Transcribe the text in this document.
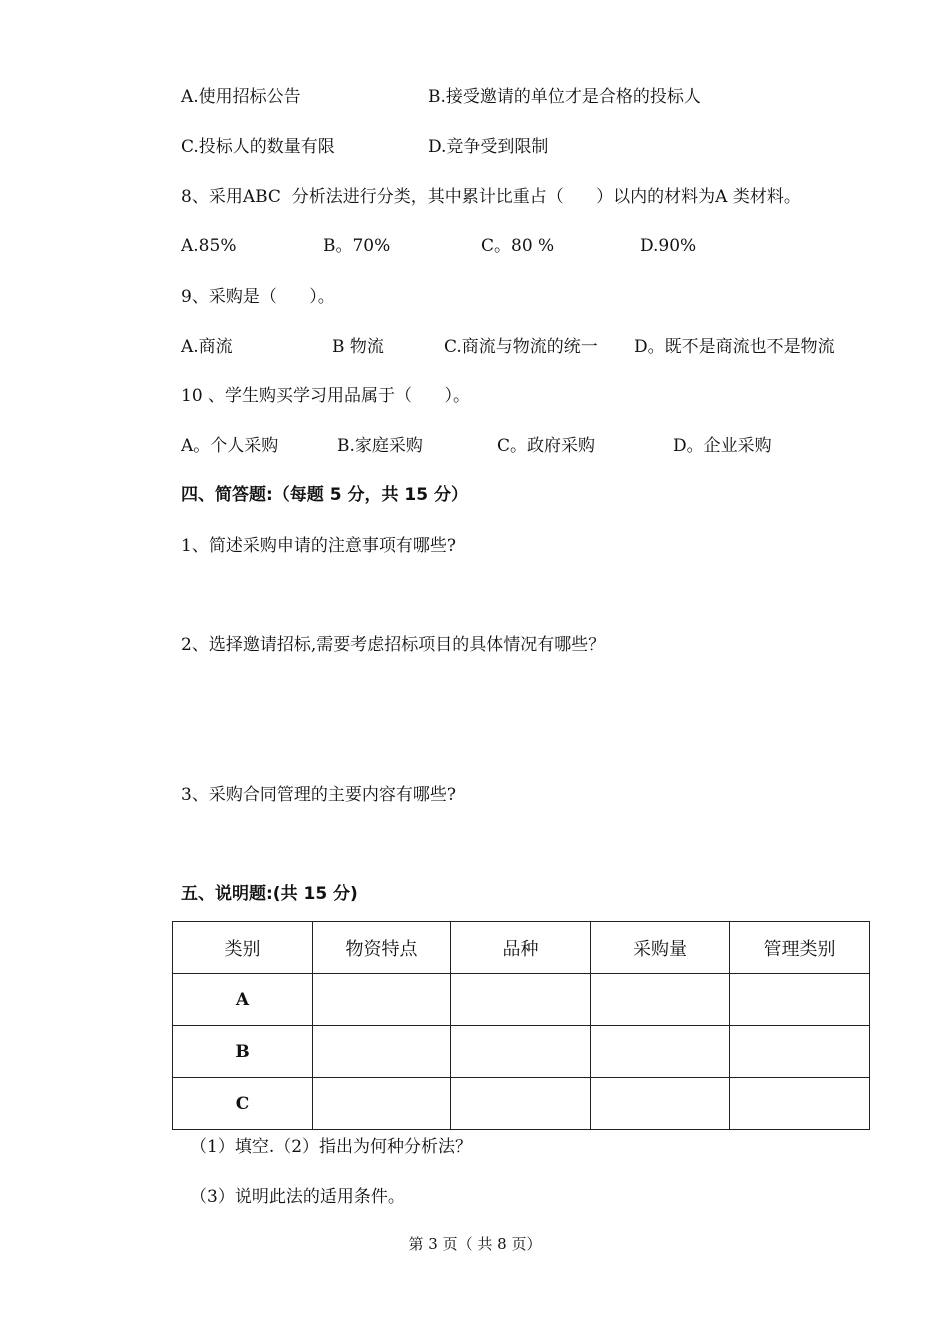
A.使用招标公告	B.接受邀请的单位才是合格的投标人
C.投标人的数量有限	D.竞争受到限制
8、采用ABC  分析法进行分类，其中累计比重占（      ）以内的材料为A 类材料。
A.85%	B。70%	C。80 %	D.90%
9、采购是（      ）。
A.商流	B 物流	C.商流与物流的统一 D。既不是商流也不是物流
10 、学生购买学习用品属于（      ）。
A。个人采购	B.家庭采购	C。政府采购	D。企业采购
四、简答题:（每题 5 分，共 15 分）
1、简述采购申请的注意事项有哪些?
2、选择邀请招标,需要考虑招标项目的具体情况有哪些？
3、采购合同管理的主要内容有哪些?
五、说明题:(共 15 分)
类别	物资特点	品种	采购量	管理类别
A				
B				
C				
（1）填空.（2）指出为何种分析法？
（3）说明此法的适用条件。
第 3 页（ 共 8 页）
